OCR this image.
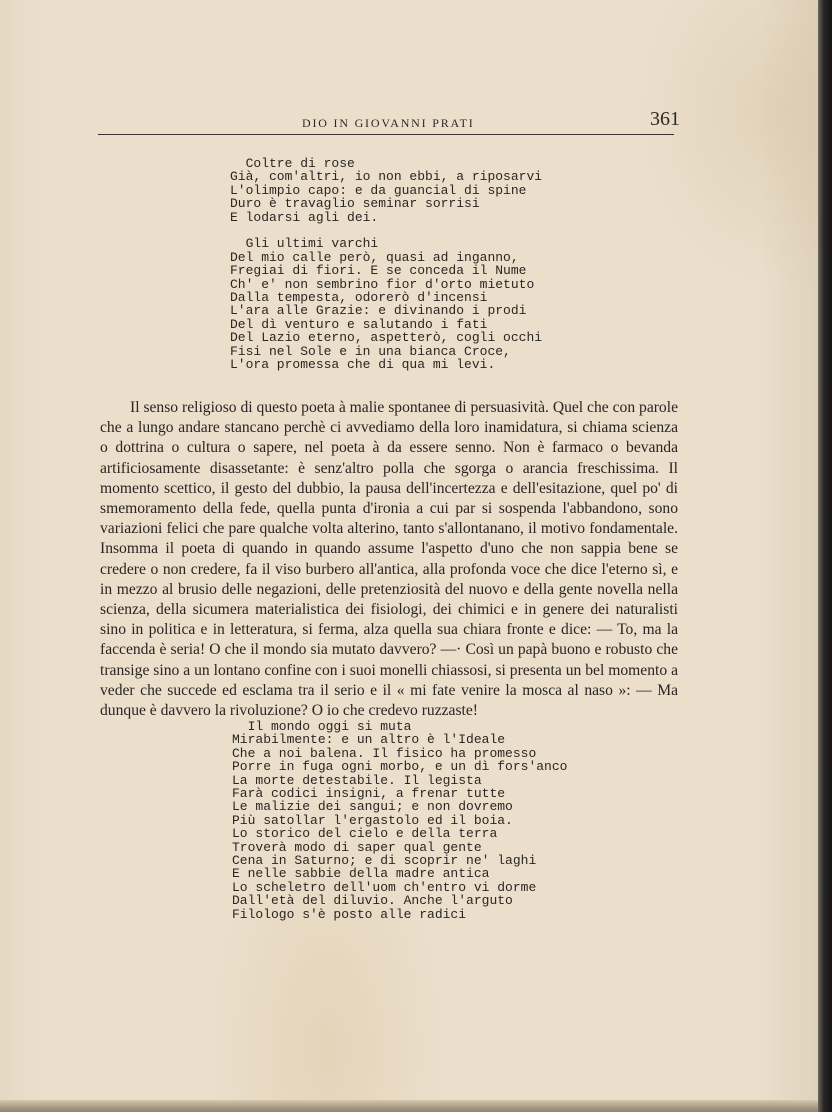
DIO IN GIOVANNI PRATI	361
Coltre di rose
Già, com'altri, io non ebbi, a riposarvi
L'olimpio capo: e da guancial di spine
Duro è travaglio seminar sorrisi
E lodarsi agli dei.
Gli ultimi varchi
Del mio calle però, quasi ad inganno,
Fregiai di fiori. E se conceda il Nume
Ch' e' non sembrino fior d'orto mietuto
Dalla tempesta, odorerò d'incensi
L'ara alle Grazie: e divinando i prodi
Del dì venturo e salutando i fati
Del Lazio eterno, aspetterò, cogli occhi
Fisi nel Sole e in una bianca Croce,
L'ora promessa che di qua mi levi.

Il senso religioso di questo poeta à malie spontanee di persuasività. Quel che con parole che a lungo andare stancano perchè ci avvediamo della loro inamidatura, si chiama scienza o dottrina o cultura o sapere, nel poeta à da essere senno. Non è farmaco o bevanda artificiosamente disassetante: è senz'altro polla che sgorga o arancia freschissima. Il momento scettico, il gesto del dubbio, la pausa dell'incertezza e dell'esitazione, quel po' di smemoramento della fede, quella punta d'ironia a cui par si sospenda l'abbandono, sono variazioni felici che pare qualche volta alterino, tanto s'allontanano, il motivo fondamentale. Insomma il poeta di quando in quando assume l'aspetto d'uno che non sappia bene se credere o non credere, fa il viso burbero all'antica, alla profonda voce che dice l'eterno sì, e in mezzo al brusio delle negazioni, delle pretenziosità del nuovo e della gente novella nella scienza, della sicumera materialistica dei fisiologi, dei chimici e in genere dei naturalisti sino in politica e in letteratura, si ferma, alza quella sua chiara fronte e dice: — To, ma la faccenda è seria! O che il mondo sia mutato davvero? —· Così un papà buono e robusto che transige sino a un lontano confine con i suoi monelli chiassosi, si presenta un bel momento a veder che succede ed esclama tra il serio e il « mi fate venire la mosca al naso »: — Ma dunque è davvero la rivoluzione? O io che credevo ruzzaste!

Il mondo oggi si muta
Mirabilmente: e un altro è l'Ideale
Che a noi balena. Il fisico ha promesso
Porre in fuga ogni morbo, e un dì fors'anco
La morte detestabile. Il legista
Farà codici insigni, a frenar tutte
Le malizie dei sangui; e non dovremo
Più satollar l'ergastolo ed il boia.
Lo storico del cielo e della terra
Troverà modo di saper qual gente
Cena in Saturno; e di scoprir ne' laghi
E nelle sabbie della madre antica
Lo scheletro dell'uom ch'entro vi dorme
Dall'età del diluvio. Anche l'arguto
Filologo s'è posto alle radici
